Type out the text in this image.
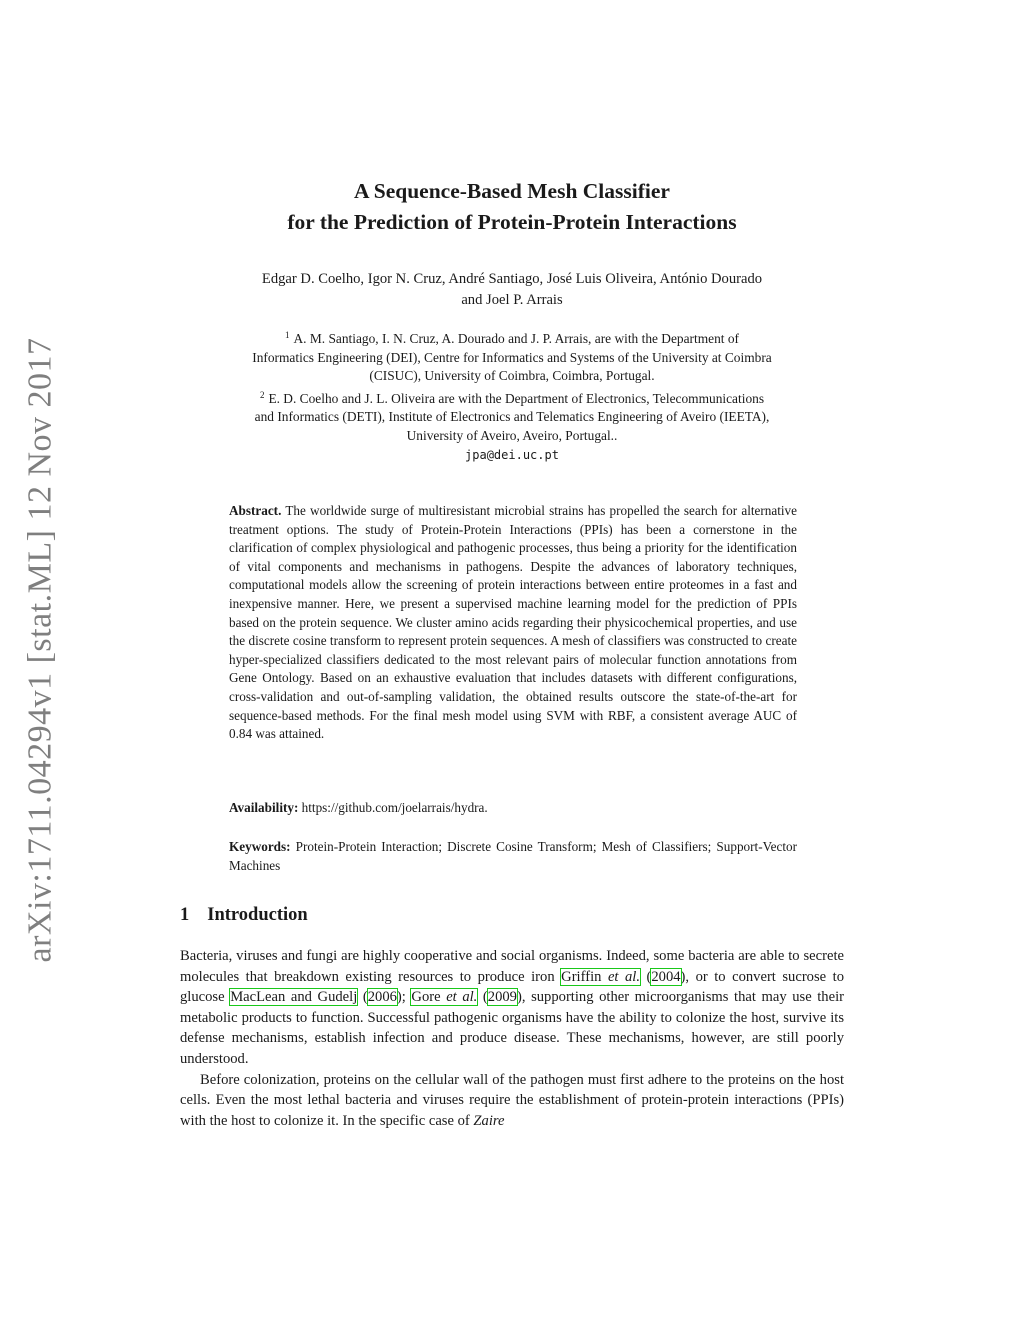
arXiv:1711.04294v1 [stat.ML] 12 Nov 2017
A Sequence-Based Mesh Classifier
for the Prediction of Protein-Protein Interactions
Edgar D. Coelho, Igor N. Cruz, André Santiago, José Luis Oliveira, António Dourado
and Joel P. Arrais
$^1$ A. M. Santiago, I. N. Cruz, A. Dourado and J. P. Arrais, are with the Department of
Informatics Engineering (DEI), Centre for Informatics and Systems of the University at Coimbra
(CISUC), University of Coimbra, Coimbra, Portugal.
$^2$ E. D. Coelho and J. L. Oliveira are with the Department of Electronics, Telecommunications
and Informatics (DETI), Institute of Electronics and Telematics Engineering of Aveiro (IEETA),
University of Aveiro, Aveiro, Portugal..
jpa@dei.uc.pt

Abstract. The worldwide surge of multiresistant microbial strains has propelled the search for alternative treatment options. The study of Protein-Protein Interactions (PPIs) has been a cornerstone in the clarification of complex physiological and pathogenic processes, thus being a priority for the identification of vital components and mechanisms in pathogens. Despite the advances of laboratory techniques, computational models allow the screening of protein interactions between entire proteomes in a fast and inexpensive manner. Here, we present a supervised machine learning model for the prediction of PPIs based on the protein sequence. We cluster amino acids regarding their physicochemical properties, and use the discrete cosine transform to represent protein sequences. A mesh of classifiers was constructed to create hyper-specialized classifiers dedicated to the most relevant pairs of molecular function annotations from Gene Ontology. Based on an exhaustive evaluation that includes datasets with different configurations, cross-validation and out-of-sampling validation, the obtained results outscore the state-of-the-art for sequence-based methods. For the final mesh model using SVM with RBF, a consistent average AUC of 0.84 was attained.

Availability: https://github.com/joelarrais/hydra.
Keywords: Protein-Protein Interaction; Discrete Cosine Transform; Mesh of Classifiers; Support-Vector Machines
1 Introduction

Bacteria, viruses and fungi are highly cooperative and social organisms. Indeed, some bacteria are able to secrete molecules that breakdown existing resources to produce iron Griffin et al. (2004), or to convert sucrose to glucose MacLean and Gudelj (2006); Gore et al. (2009), supporting other microorganisms that may use their metabolic products to function. Successful pathogenic organisms have the ability to colonize the host, survive its defense mechanisms, establish infection and produce disease. These mechanisms, however, are still poorly understood.

Before colonization, proteins on the cellular wall of the pathogen must first adhere to the proteins on the host cells. Even the most lethal bacteria and viruses require the establishment of protein-protein interactions (PPIs) with the host to colonize it. In the specific case of Zaire
